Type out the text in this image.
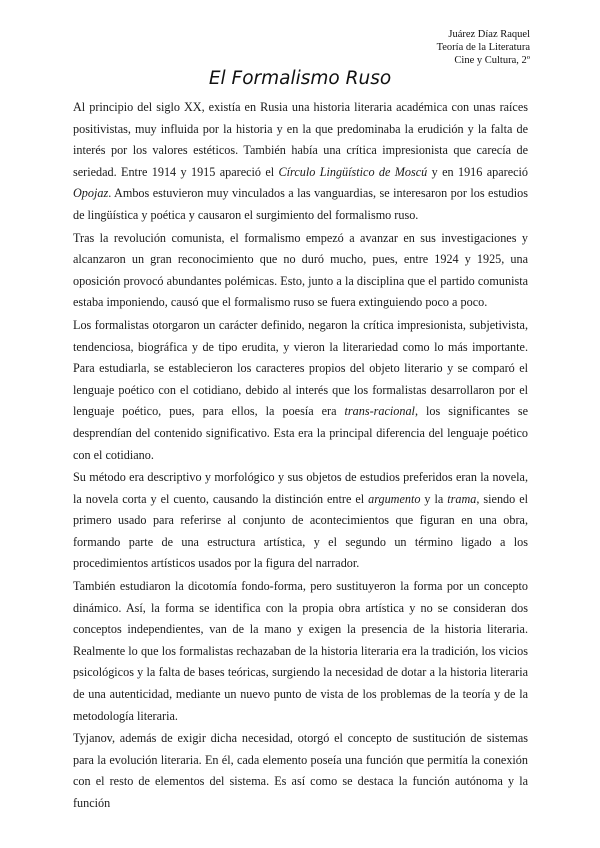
Juárez Díaz Raquel
Teoría de la Literatura
Cine y Cultura, 2º
El Formalismo Ruso

Al principio del siglo XX, existía en Rusia una historia literaria académica con unas raíces positivistas, muy influida por la historia y en la que predominaba la erudición y la falta de interés por los valores estéticos. También había una crítica impresionista que carecía de seriedad. Entre 1914 y 1915 apareció el Círculo Lingüístico de Moscú y en 1916 apareció Opojaz. Ambos estuvieron muy vinculados a las vanguardias, se interesaron por los estudios de lingüística y poética y causaron el surgimiento del formalismo ruso.

Tras la revolución comunista, el formalismo empezó a avanzar en sus investigaciones y alcanzaron un gran reconocimiento que no duró mucho, pues, entre 1924 y 1925, una oposición provocó abundantes polémicas. Esto, junto a la disciplina que el partido comunista estaba imponiendo, causó que el formalismo ruso se fuera extinguiendo poco a poco.

Los formalistas otorgaron un carácter definido, negaron la crítica impresionista, subjetivista, tendenciosa, biográfica y de tipo erudita, y vieron la literariedad como lo más importante. Para estudiarla, se establecieron los caracteres propios del objeto literario y se comparó el lenguaje poético con el cotidiano, debido al interés que los formalistas desarrollaron por el lenguaje poético, pues, para ellos, la poesía era trans-racional, los significantes se desprendían del contenido significativo. Esta era la principal diferencia del lenguaje poético con el cotidiano.

Su método era descriptivo y morfológico y sus objetos de estudios preferidos eran la novela, la novela corta y el cuento, causando la distinción entre el argumento y la trama, siendo el primero usado para referirse al conjunto de acontecimientos que figuran en una obra, formando parte de una estructura artística, y el segundo un término ligado a los procedimientos artísticos usados por la figura del narrador.

También estudiaron la dicotomía fondo-forma, pero sustituyeron la forma por un concepto dinámico. Así, la forma se identifica con la propia obra artística y no se consideran dos conceptos independientes, van de la mano y exigen la presencia de la historia literaria. Realmente lo que los formalistas rechazaban de la historia literaria era la tradición, los vicios psicológicos y la falta de bases teóricas, surgiendo la necesidad de dotar a la historia literaria de una autenticidad, mediante un nuevo punto de vista de los problemas de la teoría y de la metodología literaria.

Tyjanov, además de exigir dicha necesidad, otorgó el concepto de sustitución de sistemas para la evolución literaria. En él, cada elemento poseía una función que permitía la conexión con el resto de elementos del sistema. Es así como se destaca la función autónoma y la función
